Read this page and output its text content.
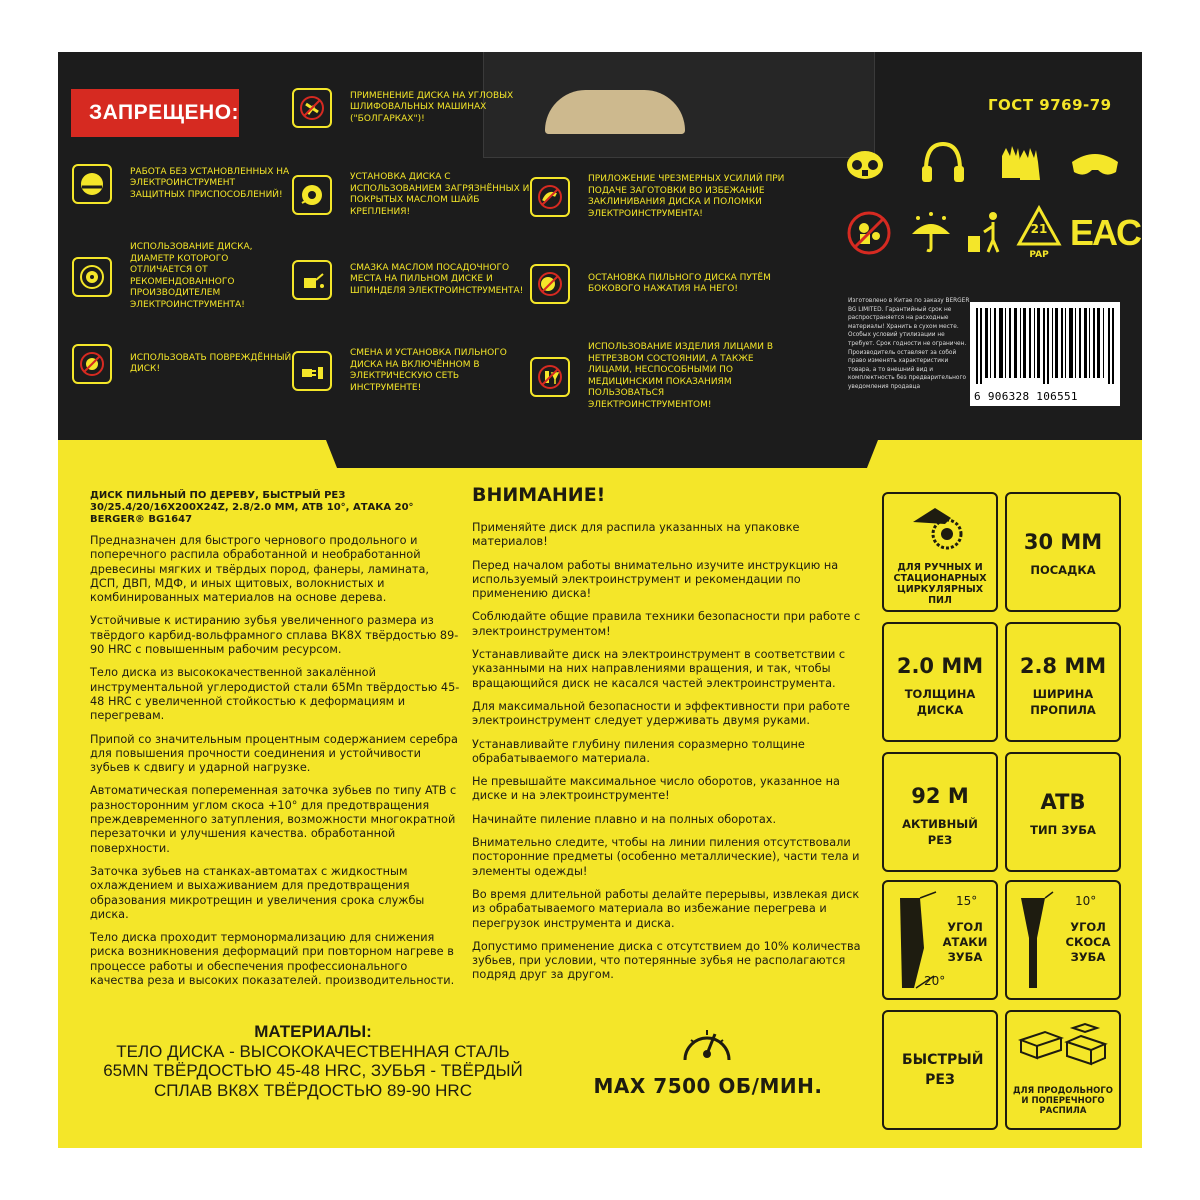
ЗАПРЕЩЕНО:	ГОСТ 9769-79
РАБОТА БЕЗ УСТАНОВЛЕННЫХ НА ЭЛЕКТРОИНСТРУМЕНТ ЗАЩИТНЫХ ПРИСПОСОБЛЕНИЙ!
ИСПОЛЬЗОВАНИЕ ДИСКА, ДИАМЕТР КОТОРОГО ОТЛИЧАЕТСЯ ОТ РЕКОМЕНДОВАННОГО ПРОИЗВОДИТЕЛЕМ ЭЛЕКТРОИНСТРУМЕНТА!
ИСПОЛЬЗОВАТЬ ПОВРЕЖДЁННЫЙ ДИСК!
ПРИМЕНЕНИЕ ДИСКА НА УГЛОВЫХ ШЛИФОВАЛЬНЫХ МАШИНАХ ("БОЛГАРКАХ")!
УСТАНОВКА ДИСКА С ИСПОЛЬЗОВАНИЕМ ЗАГРЯЗНЁННЫХ И ПОКРЫТЫХ МАСЛОМ ШАЙБ КРЕПЛЕНИЯ!
СМАЗКА МАСЛОМ ПОСАДОЧНОГО МЕСТА НА ПИЛЬНОМ ДИСКЕ И ШПИНДЕЛЯ ЭЛЕКТРОИНСТРУМЕНТА!
СМЕНА И УСТАНОВКА ПИЛЬНОГО ДИСКА НА ВКЛЮЧЁННОМ В ЭЛЕКТРИЧЕСКУЮ СЕТЬ ИНСТРУМЕНТЕ!
ПРИЛОЖЕНИЕ ЧРЕЗМЕРНЫХ УСИЛИЙ ПРИ ПОДАЧЕ ЗАГОТОВКИ ВО ИЗБЕЖАНИЕ ЗАКЛИНИВАНИЯ ДИСКА И ПОЛОМКИ ЭЛЕКТРОИНСТРУМЕНТА!
ОСТАНОВКА ПИЛЬНОГО ДИСКА ПУТЁМ БОКОВОГО НАЖАТИЯ НА НЕГО!
ИСПОЛЬЗОВАНИЕ ИЗДЕЛИЯ ЛИЦАМИ В НЕТРЕЗВОМ СОСТОЯНИИ, А ТАКЖЕ ЛИЦАМИ, НЕСПОСОБНЫМИ ПО МЕДИЦИНСКИМ ПОКАЗАНИЯМ ПОЛЬЗОВАТЬСЯ ЭЛЕКТРОИНСТРУМЕНТОМ!
21
PAP
EAC
Изготовлено в Китае по заказу BERGER BG LIMITED. Гарантийный срок не распространяется на расходные материалы! Хранить в сухом месте. Особых условий утилизации не требует. Срок годности не ограничен. Производитель оставляет за собой право изменять характеристики товара, а то внешний вид и комплектность без предварительного уведомления продавца
6 906328 106551
ДИСК ПИЛЬНЫЙ ПО ДЕРЕВУ, БЫСТРЫЙ РЕЗ
30/25.4/20/16X200X24Z, 2.8/2.0 ММ, ATB 10°, АТАКА 20°
BERGER® BG1647

Предназначен для быстрого чернового продольного и поперечного распила обработанной и необработанной древесины мягких и твёрдых пород, фанеры, ламината, ДСП, ДВП, МДФ, и иных щитовых, волокнистых и комбинированных материалов на основе дерева.

Устойчивые к истиранию зубья увеличенного размера из твёрдого карбид-вольфрамного сплава ВК8Х твёрдостью 89-90 HRC с повышенным рабочим ресурсом.

Тело диска из высококачественной закалённой инструментальной углеродистой стали 65Mn твёрдостью 45-48 HRC с увеличенной стойкостью к деформациям и перегревам.

Припой со значительным процентным содержанием серебра для повышения прочности соединения и устойчивости зубьев к сдвигу и ударной нагрузке.

Автоматическая попеременная заточка зубьев по типу ATB с разносторонним углом скоса +10° для предотвращения преждевременного затупления, возможности многократной перезаточки и улучшения качества. обработанной поверхности.

Заточка зубьев на станках-автоматах с жидкостным охлаждением и выхаживанием для предотвращения образования микротрещин и увеличения срока службы диска.

Тело диска проходит термонормализацию для снижения риска возникновения деформаций при повторном нагреве в процессе работы и обеспечения профессионального качества реза и высоких показателей. производительности.

ВНИМАНИЕ!

Применяйте диск для распила указанных на упаковке материалов!

Перед началом работы внимательно изучите инструкцию на используемый электроинструмент и рекомендации по применению диска!

Соблюдайте общие правила техники безопасности при работе с электроинструментом!

Устанавливайте диск на электроинструмент в соответствии с указанными на них направлениями вращения, и так, чтобы вращающийся диск не касался частей электроинструмента.

Для максимальной безопасности и эффективности при работе электроинструмент следует удерживать двумя руками.

Устанавливайте глубину пиления соразмерно толщине обрабатываемого материала.

Не превышайте максимальное число оборотов, указанное на диске и на электроинструменте!

Начинайте пиление плавно и на полных оборотах.

Внимательно следите, чтобы на линии пиления отсутствовали посторонние предметы (особенно металлические), части тела и элементы одежды!

Во время длительной работы делайте перерывы, извлекая диск из обрабатываемого материала во избежание перегрева и перегрузок инструмента и диска.

Допустимо применение диска с отсутствием до 10% количества зубьев, при условии, что потерянные зубья не располагаются подряд друг за другом.

МАТЕРИАЛЫ:
ТЕЛО ДИСКА - ВЫСОКОКАЧЕСТВЕННАЯ СТАЛЬ
65MN ТВЁРДОСТЬЮ 45-48 HRC, ЗУБЬЯ - ТВЁРДЫЙ
СПЛАВ ВК8X ТВЁРДОСТЬЮ 89-90 HRC	MAX 7500 ОБ/МИН.
ДЛЯ РУЧНЫХ И СТАЦИОНАРНЫХ ЦИРКУЛЯРНЫХ ПИЛ
30 ММ
ПОСАДКА
2.0 ММ
ТОЛЩИНА ДИСКА
2.8 ММ
ШИРИНА ПРОПИЛА
92 М
АКТИВНЫЙ РЕЗ
ATB
ТИП ЗУБА
15°
УГОЛ АТАКИ ЗУБА
20°
10°
УГОЛ СКОСА ЗУБА
БЫСТРЫЙ РЕЗ
ДЛЯ ПРОДОЛЬНОГО И ПОПЕРЕЧНОГО РАСПИЛА
